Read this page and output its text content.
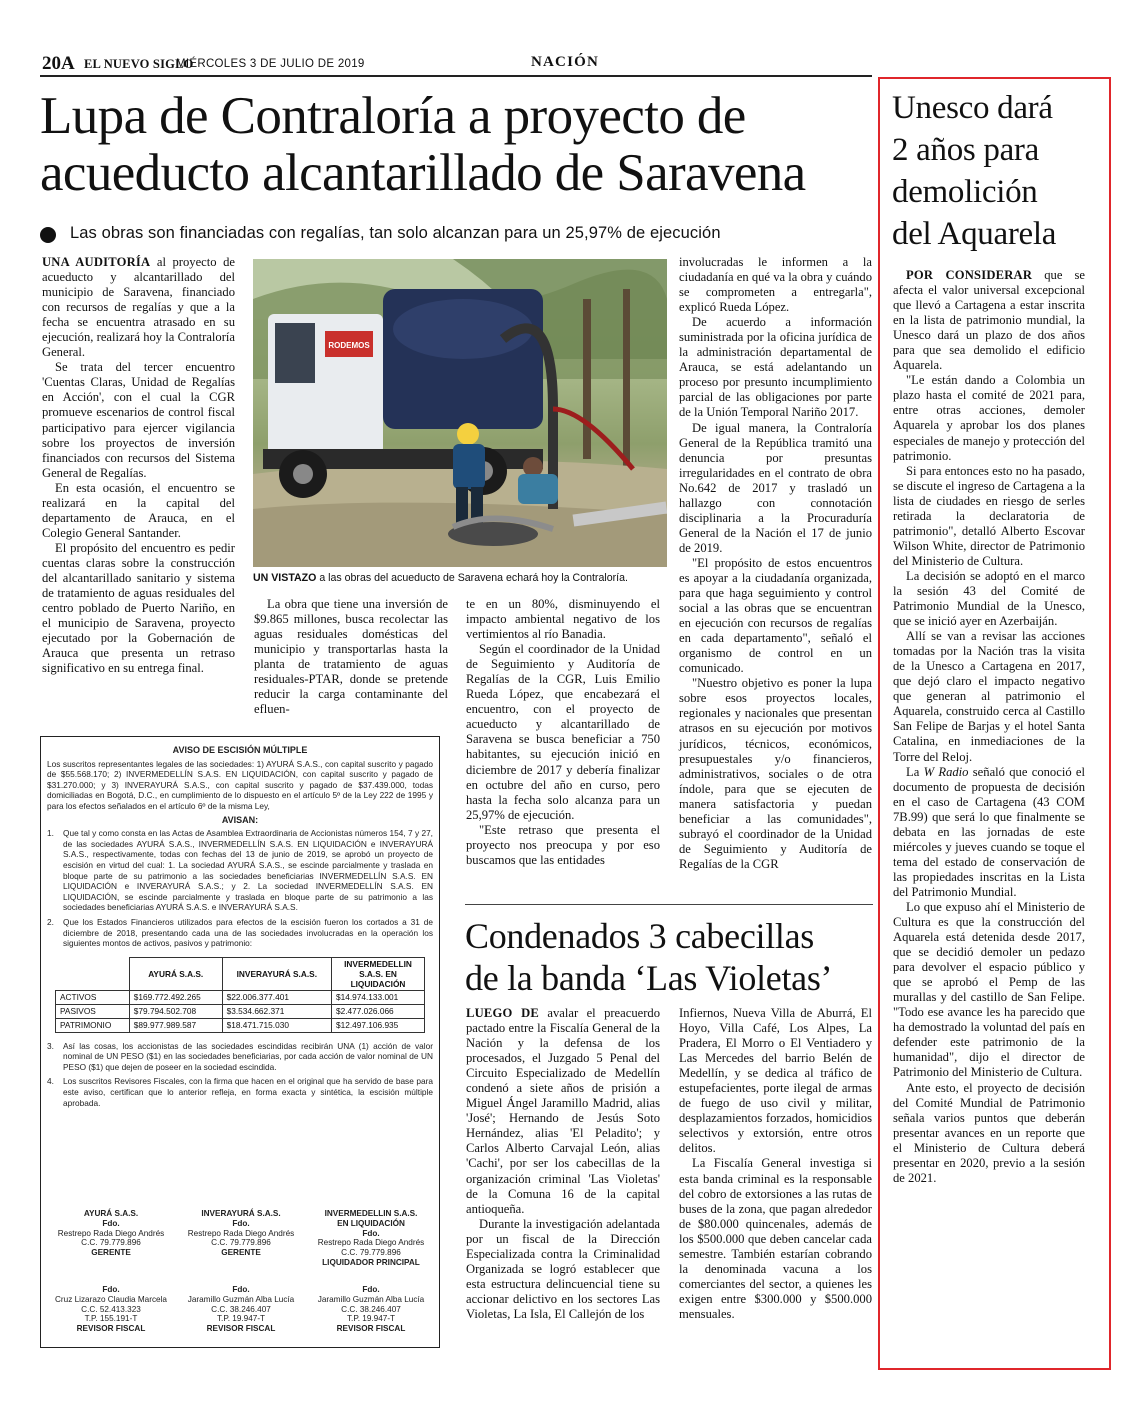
20A EL NUEVO SIGLO
MIÉRCOLES 3 DE JULIO DE 2019	NACIÓN
Lupa de Contraloría a proyecto de
acueducto alcantarillado de Saravena
Las obras son financiadas con regalías, tan solo alcanzan para un 25,97% de ejecución

UNA AUDITORÍA al proyecto de acueducto y alcantarillado del municipio de Saravena, financiado con recursos de regalías y que a la fecha se encuentra atrasado en su ejecución, realizará hoy la Contraloría General.

Se trata del tercer encuentro 'Cuentas Claras, Unidad de Regalías en Acción', con el cual la CGR promueve escenarios de control fiscal participativo para ejercer vigilancia sobre los proyectos de inversión financiados con recursos del Sistema General de Regalías.

En esta ocasión, el encuentro se realizará en la capital del departamento de Arauca, en el Colegio General Santander.

El propósito del encuentro es pedir cuentas claras sobre la construcción del alcantarillado sanitario y sistema de tratamiento de aguas residuales del centro poblado de Puerto Nariño, en el municipio de Saravena, proyecto ejecutado por la Gobernación de Arauca que presenta un retraso significativo en su entrega final.

RODEMOS
UN VISTAZO a las obras del acueducto de Saravena echará hoy la Contraloría.

La obra que tiene una inversión de $9.865 millones, busca recolectar las aguas residuales domésticas del municipio y transportarlas hasta la planta de tratamiento de aguas residuales-PTAR, donde se pretende reducir la carga contaminante del efluen-

te en un 80%, disminuyendo el impacto ambiental negativo de los vertimientos al río Banadia.

Según el coordinador de la Unidad de Seguimiento y Auditoría de Regalías de la CGR, Luis Emilio Rueda López, que encabezará el encuentro, con el proyecto de acueducto y alcantarillado de Saravena se busca beneficiar a 750 habitantes, su ejecución inició en diciembre de 2017 y debería finalizar en octubre del año en curso, pero hasta la fecha solo alcanza para un 25,97% de ejecución.

"Este retraso que presenta el proyecto nos preocupa y por eso buscamos que las entidades

involucradas le informen a la ciudadanía en qué va la obra y cuándo se comprometen a entregarla", explicó Rueda López.

De acuerdo a información suministrada por la oficina jurídica de la administración departamental de Arauca, se está adelantando un proceso por presunto incumplimiento parcial de las obligaciones por parte de la Unión Temporal Nariño 2017.

De igual manera, la Contraloría General de la República tramitó una denuncia por presuntas irregularidades en el contrato de obra No.642 de 2017 y trasladó un hallazgo con connotación disciplinaria a la Procuraduría General de la Nación el 17 de junio de 2019.

"El propósito de estos encuentros es apoyar a la ciudadanía organizada, para que haga seguimiento y control social a las obras que se encuentran en ejecución con recursos de regalías en cada departamento", señaló el organismo de control en un comunicado.

"Nuestro objetivo es poner la lupa sobre esos proyectos locales, regionales y nacionales que presentan atrasos en su ejecución por motivos jurídicos, técnicos, económicos, presupuestales y/o financieros, administrativos, sociales o de otra índole, para que se ejecuten de manera satisfactoria y puedan beneficiar a las comunidades", subrayó el coordinador de la Unidad de Seguimiento y Auditoría de Regalías de la CGR

AVISO DE ESCISIÓN MÚLTIPLE
Los suscritos representantes legales de las sociedades: 1) AYURÁ S.A.S., con capital suscrito y pagado de $55.568.170; 2) INVERMEDELLÍN S.A.S. EN LIQUIDACIÓN, con capital suscrito y pagado de $31.270.000; y 3) INVERAYURÁ S.A.S., con capital suscrito y pagado de $37.439.000, todas domiciliadas en Bogotá, D.C., en cumplimiento de lo dispuesto en el artículo 5º de la Ley 222 de 1995 y para los efectos señalados en el artículo 6º de la misma Ley,
AVISAN:
1.	Que tal y como consta en las Actas de Asamblea Extraordinaria de Accionistas números 154, 7 y 27, de las sociedades AYURÁ S.A.S., INVERMEDELLÍN S.A.S. EN LIQUIDACIÓN e INVERAYURÁ S.A.S., respectivamente, todas con fechas del 13 de junio de 2019, se aprobó un proyecto de escisión en virtud del cual: 1. La sociedad AYURÁ S.A.S., se escinde parcialmente y traslada en bloque parte de su patrimonio a las sociedades beneficiarias INVERMEDELLÍN S.A.S. EN LIQUIDACIÓN e INVERAYURÁ S.A.S.; y 2. La sociedad INVERMEDELLÍN S.A.S. EN LIQUIDACIÓN, se escinde parcialmente y traslada en bloque parte de su patrimonio a las sociedades beneficiarias AYURÁ S.A.S. e INVERAYURÁ S.A.S.
2.	Que los Estados Financieros utilizados para efectos de la escisión fueron los cortados a 31 de diciembre de 2018, presentando cada una de las sociedades involucradas en la operación los siguientes montos de activos, pasivos y patrimonio:
	AYURÁ S.A.S.	INVERAYURÁ S.A.S.	INVERMEDELLIN S.A.S. EN LIQUIDACIÓN
ACTIVOS	$169.772.492.265	$22.006.377.401	$14.974.133.001
PASIVOS	$79.794.502.708	$3.534.662.371	$2.477.026.066
PATRIMONIO	$89.977.989.587	$18.471.715.030	$12.497.106.935
3.	Así las cosas, los accionistas de las sociedades escindidas recibirán UNA (1) acción de valor nominal de UN PESO ($1) en las sociedades beneficiarias, por cada acción de valor nominal de UN PESO ($1) que dejen de poseer en la sociedad escindida.
4.	Los suscritos Revisores Fiscales, con la firma que hacen en el original que ha servido de base para este aviso, certifican que lo anterior refleja, en forma exacta y sintética, la escisión múltiple aprobada.
AYURÁ S.A.S.
Fdo.
Restrepo Rada Diego Andrés
C.C. 79.779.896
GERENTE
INVERAYURÁ S.A.S.
Fdo.
Restrepo Rada Diego Andrés
C.C. 79.779.896
GERENTE
INVERMEDELLIN S.A.S.
EN LIQUIDACIÓN
Fdo.
Restrepo Rada Diego Andrés
C.C. 79.779.896
LIQUIDADOR PRINCIPAL
Fdo.
Cruz Lizarazo Claudia Marcela
C.C. 52.413.323
T.P. 155.191-T
REVISOR FISCAL
Fdo.
Jaramillo Guzmán Alba Lucía
C.C. 38.246.407
T.P. 19.947-T
REVISOR FISCAL
Fdo.
Jaramillo Guzmán Alba Lucía
C.C. 38.246.407
T.P. 19.947-T
REVISOR FISCAL
Condenados 3 cabecillas
de la banda ‘Las Violetas’

LUEGO DE avalar el preacuerdo pactado entre la Fiscalía General de la Nación y la defensa de los procesados, el Juzgado 5 Penal del Circuito Especializado de Medellín condenó a siete años de prisión a Miguel Ángel Jaramillo Madrid, alias 'José'; Hernando de Jesús Soto Hernández, alias 'El Peladito'; y Carlos Alberto Carvajal León, alias 'Cachi', por ser los cabecillas de la organización criminal 'Las Violetas' de la Comuna 16 de la capital antioqueña.

Durante la investigación adelantada por un fiscal de la Dirección Especializada contra la Criminalidad Organizada se logró establecer que esta estructura delincuencial tiene su accionar delictivo en los sectores Las Violetas, La Isla, El Callejón de los

Infiernos, Nueva Villa de Aburrá, El Hoyo, Villa Café, Los Alpes, La Pradera, El Morro o El Ventiadero y Las Mercedes del barrio Belén de Medellín, y se dedica al tráfico de estupefacientes, porte ilegal de armas de fuego de uso civil y militar, desplazamientos forzados, homicidios selectivos y extorsión, entre otros delitos.

La Fiscalía General investiga si esta banda criminal es la responsable del cobro de extorsiones a las rutas de buses de la zona, que pagan alrededor de $80.000 quincenales, además de los $500.000 que deben cancelar cada semestre. También estarían cobrando la denominada vacuna a los comerciantes del sector, a quienes les exigen entre $300.000 y $500.000 mensuales.

Unesco dará
2 años para
demolición
del Aquarela

POR CONSIDERAR que se afecta el valor universal excepcional que llevó a Cartagena a estar inscrita en la lista de patrimonio mundial, la Unesco dará un plazo de dos años para que sea demolido el edificio Aquarela.

"Le están dando a Colombia un plazo hasta el comité de 2021 para, entre otras acciones, demoler Aquarela y aprobar los dos planes especiales de manejo y protección del patrimonio.

Si para entonces esto no ha pasado, se discute el ingreso de Cartagena a la lista de ciudades en riesgo de serles retirada la declaratoria de patrimonio", detalló Alberto Escovar Wilson White, director de Patrimonio del Ministerio de Cultura.

La decisión se adoptó en el marco la sesión 43 del Comité de Patrimonio Mundial de la Unesco, que se inició ayer en Azerbaiján.

Allí se van a revisar las acciones tomadas por la Nación tras la visita de la Unesco a Cartagena en 2017, que dejó claro el impacto negativo que generan al patrimonio el Aquarela, construido cerca al Castillo San Felipe de Barjas y el hotel Santa Catalina, en inmediaciones de la Torre del Reloj.

La W Radio señaló que conoció el documento de propuesta de decisión en el caso de Cartagena (43 COM 7B.99) que será lo que finalmente se debata en las jornadas de este miércoles y jueves cuando se toque el tema del estado de conservación de las propiedades inscritas en la Lista del Patrimonio Mundial.

Lo que expuso ahí el Ministerio de Cultura es que la construcción del Aquarela está detenida desde 2017, que se decidió demoler un pedazo para devolver el espacio público y que se aprobó el Pemp de las murallas y del castillo de San Felipe. "Todo ese avance les ha parecido que ha demostrado la voluntad del país en defender este patrimonio de la humanidad", dijo el director de Patrimonio del Ministerio de Cultura.

Ante esto, el proyecto de decisión del Comité Mundial de Patrimonio señala varios puntos que deberán presentar avances en un reporte que el Ministerio de Cultura deberá presentar en 2020, previo a la sesión de 2021.
